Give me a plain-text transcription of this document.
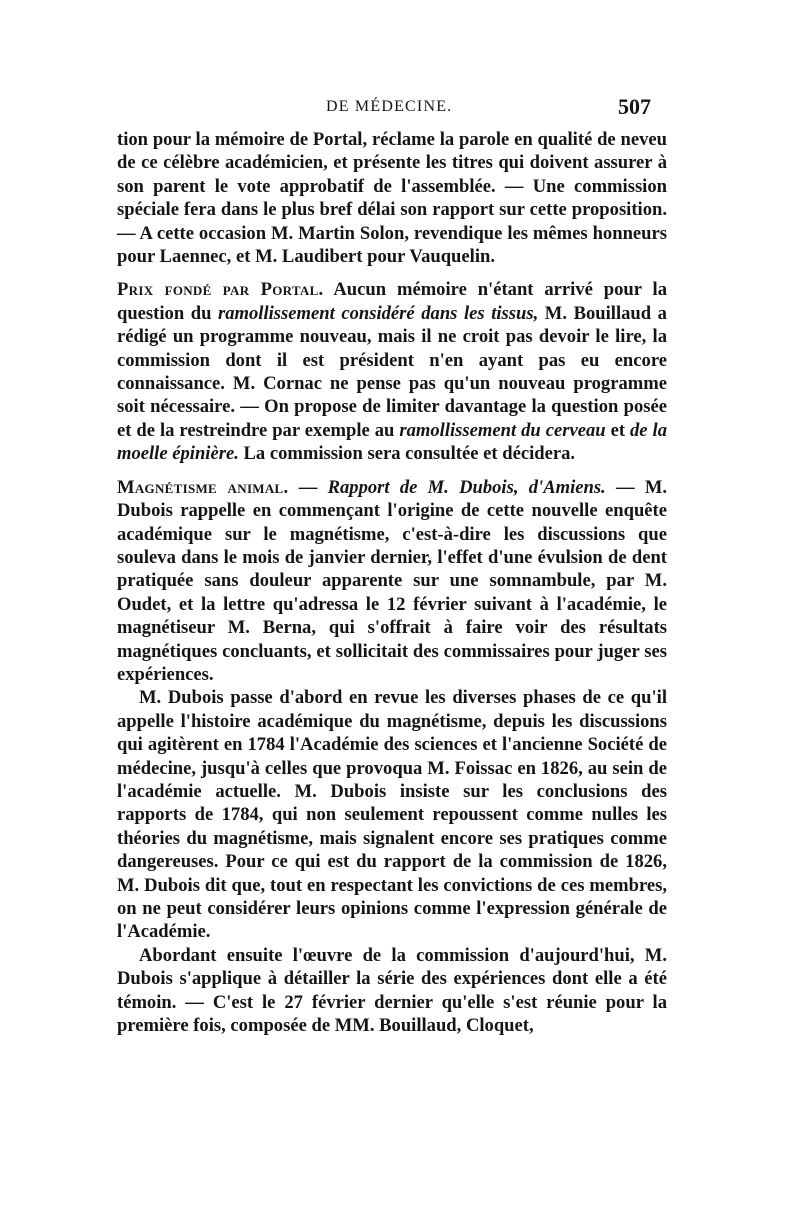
DE MÉDECINE.	507

tion pour la mémoire de Portal, réclame la parole en qualité de neveu de ce célèbre académicien, et présente les titres qui doivent assurer à son parent le vote approbatif de l'assemblée. — Une commission spéciale fera dans le plus bref délai son rapport sur cette proposition. — A cette occasion M. Martin Solon, revendique les mêmes honneurs pour Laennec, et M. Laudibert pour Vauquelin.

Prix fondé par Portal. Aucun mémoire n'étant arrivé pour la question du ramollissement considéré dans les tissus, M. Bouillaud a rédigé un programme nouveau, mais il ne croit pas devoir le lire, la commission dont il est président n'en ayant pas eu encore connaissance. M. Cornac ne pense pas qu'un nouveau programme soit nécessaire. — On propose de limiter davantage la question posée et de la restreindre par exemple au ramollissement du cerveau et de la moelle épinière. La commission sera consultée et décidera.

Magnétisme animal. — Rapport de M. Dubois, d'Amiens. — M. Dubois rappelle en commençant l'origine de cette nouvelle enquête académique sur le magnétisme, c'est-à-dire les discussions que souleva dans le mois de janvier dernier, l'effet d'une évulsion de dent pratiquée sans douleur apparente sur une somnambule, par M. Oudet, et la lettre qu'adressa le 12 février suivant à l'académie, le magnétiseur M. Berna, qui s'offrait à faire voir des résultats magnétiques concluants, et sollicitait des commissaires pour juger ses expériences.

M. Dubois passe d'abord en revue les diverses phases de ce qu'il appelle l'histoire académique du magnétisme, depuis les discussions qui agitèrent en 1784 l'Académie des sciences et l'ancienne Société de médecine, jusqu'à celles que provoqua M. Foissac en 1826, au sein de l'académie actuelle. M. Dubois insiste sur les conclusions des rapports de 1784, qui non seulement repoussent comme nulles les théories du magnétisme, mais signalent encore ses pratiques comme dangereuses. Pour ce qui est du rapport de la commission de 1826, M. Dubois dit que, tout en respectant les convictions de ces membres, on ne peut considérer leurs opinions comme l'expression générale de l'Académie.

Abordant ensuite l'œuvre de la commission d'aujourd'hui, M. Dubois s'applique à détailler la série des expériences dont elle a été témoin. — C'est le 27 février dernier qu'elle s'est réunie pour la première fois, composée de MM. Bouillaud, Cloquet,
